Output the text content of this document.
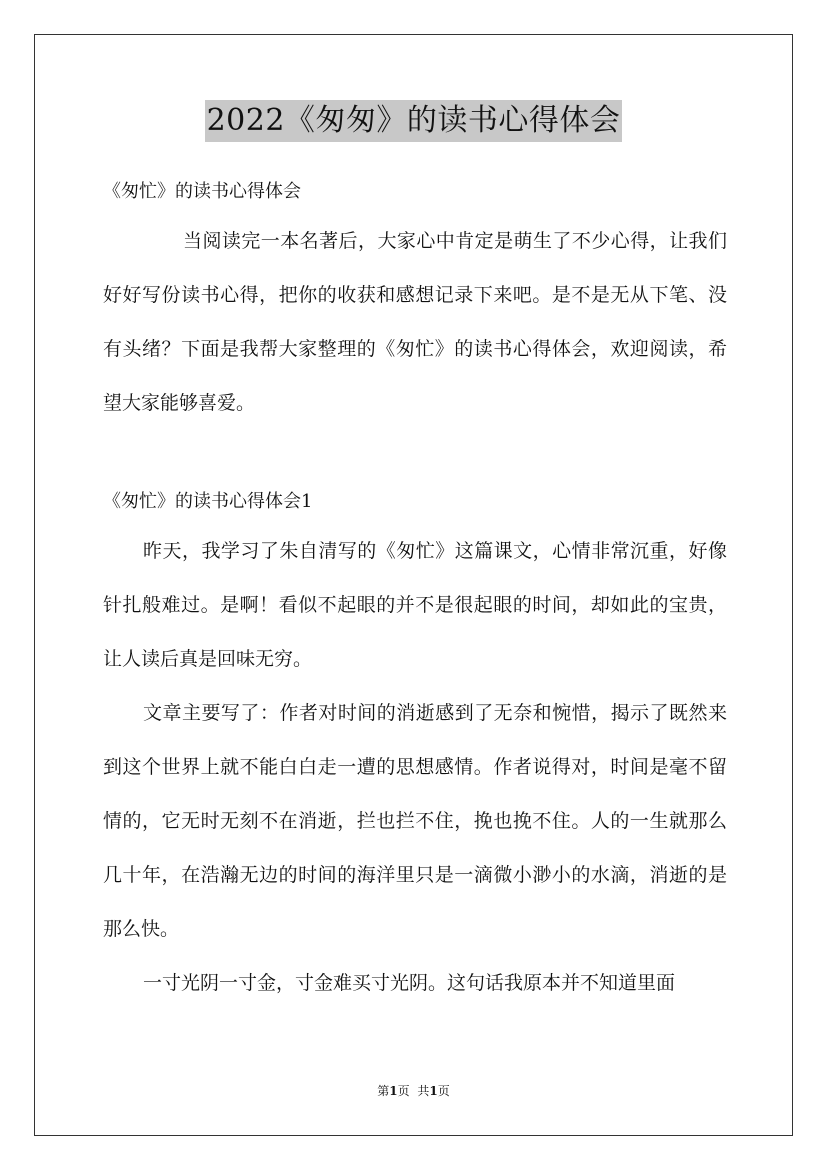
2022《匆匆》的读书心得体会

《匆忙》的读书心得体会

当阅读完一本名著后，大家心中肯定是萌生了不少心得，让我们好好写份读书心得，把你的收获和感想记录下来吧。是不是无从下笔、没有头绪？下面是我帮大家整理的《匆忙》的读书心得体会，欢迎阅读，希望大家能够喜爱。

《匆忙》的读书心得体会1

昨天，我学习了朱自清写的《匆忙》这篇课文，心情非常沉重，好像针扎般难过。是啊！看似不起眼的并不是很起眼的时间，却如此的宝贵，让人读后真是回味无穷。

文章主要写了：作者对时间的消逝感到了无奈和惋惜，揭示了既然来到这个世界上就不能白白走一遭的思想感情。作者说得对，时间是毫不留情的，它无时无刻不在消逝，拦也拦不住，挽也挽不住。人的一生就那么几十年，在浩瀚无边的时间的海洋里只是一滴微小渺小的水滴，消逝的是那么快。

一寸光阴一寸金，寸金难买寸光阴。这句话我原本并不知道里面

第1页 共1页
